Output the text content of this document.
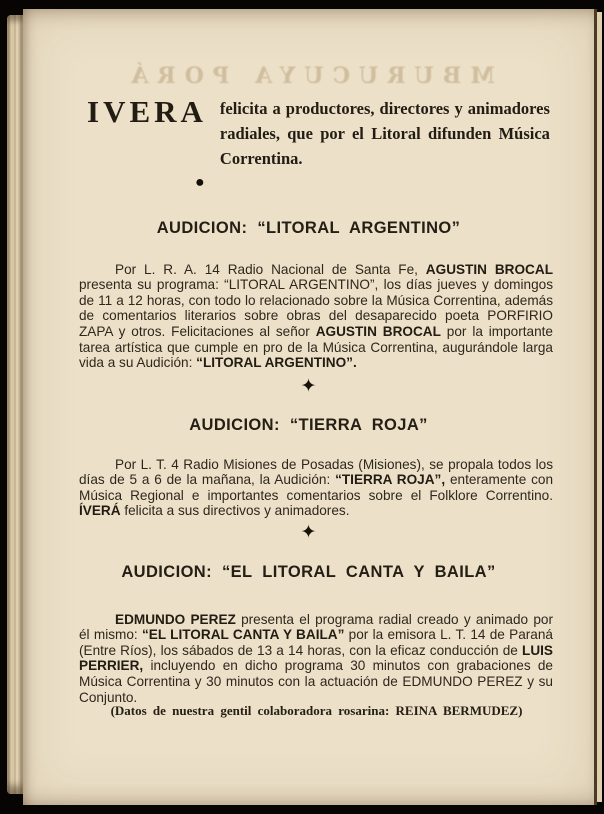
MBURUCUYA PORÁ
IVERA felicita a productores, directores y animadores radiales, que por el Litoral difunden Música Correntina.
●
AUDICION: “LITORAL ARGENTINO”

Por L. R. A. 14 Radio Nacional de Santa Fe, AGUSTIN BROCAL presenta su programa: “LITORAL ARGENTINO”, los días jueves y domingos de 11 a 12 horas, con todo lo relacionado sobre la Música Correntina, además de comentarios literarios sobre obras del desaparecido poeta PORFIRIO ZAPA y otros. Felicitaciones al señor AGUSTIN BROCAL por la importante tarea artística que cumple en pro de la Música Correntina, augurándole larga vida a su Audición: “LITORAL ARGENTINO”.

✦
AUDICION: “TIERRA ROJA”

Por L. T. 4 Radio Misiones de Posadas (Misiones), se propala todos los días de 5 a 6 de la mañana, la Audición: “TIERRA ROJA”, enteramente con Música Regional e importantes comentarios sobre el Folklore Correntino. ÍVERÁ felicita a sus directivos y animadores.

✦
AUDICION: “EL LITORAL CANTA Y BAILA”

EDMUNDO PEREZ presenta el programa radial creado y animado por él mismo: “EL LITORAL CANTA Y BAILA” por la emisora L. T. 14 de Paraná (Entre Ríos), los sábados de 13 a 14 horas, con la eficaz conducción de LUIS PERRIER, incluyendo en dicho programa 30 minutos con grabaciones de Música Correntina y 30 minutos con la actuación de EDMUNDO PEREZ y su Conjunto.

(Datos de nuestra gentil colaboradora rosarina: REINA BERMUDEZ)
